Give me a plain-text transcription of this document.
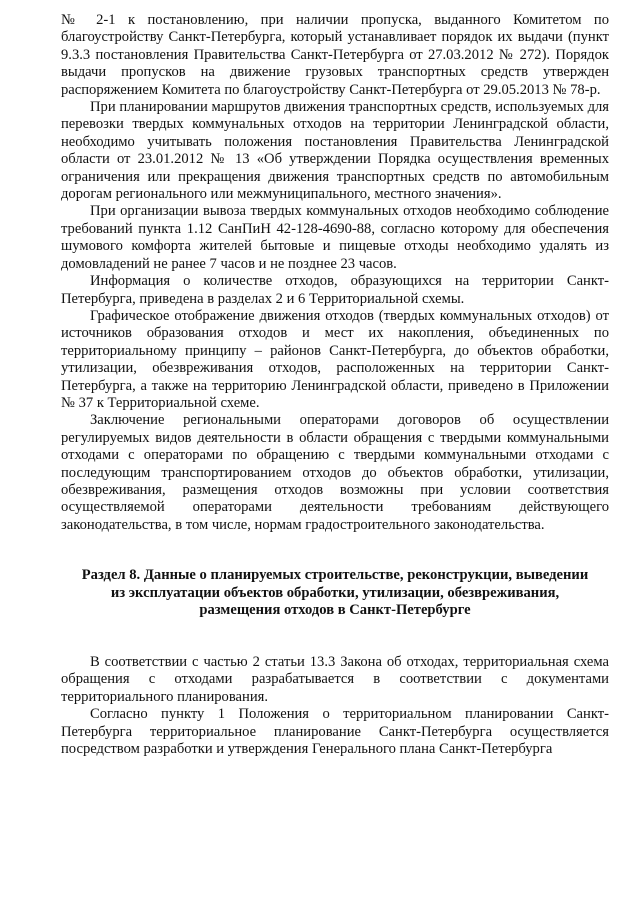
№ 2-1 к постановлению, при наличии пропуска, выданного Комитетом по благоустройству Санкт-Петербурга, который устанавливает порядок их выдачи (пункт 9.3.3 постановления Правительства Санкт-Петербурга от 27.03.2012 № 272). Порядок выдачи пропусков на движение грузовых транспортных средств утвержден распоряжением Комитета по благоустройству Санкт-Петербурга от 29.05.2013 № 78-р.

При планировании маршрутов движения транспортных средств, используемых для перевозки твердых коммунальных отходов на территории Ленинградской области, необходимо учитывать положения постановления Правительства Ленинградской области от 23.01.2012 № 13 «Об утверждении Порядка осуществления временных ограничения или прекращения движения транспортных средств по автомобильным дорогам регионального или межмуниципального, местного значения».

При организации вывоза твердых коммунальных отходов необходимо соблюдение требований пункта 1.12 СанПиН 42-128-4690-88, согласно которому для обеспечения шумового комфорта жителей бытовые и пищевые отходы необходимо удалять из домовладений не ранее 7 часов и не позднее 23 часов.

Информация о количестве отходов, образующихся на территории Санкт-Петербурга, приведена в разделах 2 и 6 Территориальной схемы.

Графическое отображение движения отходов (твердых коммунальных отходов) от источников образования отходов и мест их накопления, объединенных по территориальному принципу – районов Санкт-Петербурга, до объектов обработки, утилизации, обезвреживания отходов, расположенных на территории Санкт-Петербурга, а также на территорию Ленинградской области, приведено в Приложении № 37 к Территориальной схеме.

Заключение региональными операторами договоров об осуществлении регулируемых видов деятельности в области обращения с твердыми коммунальными отходами с операторами по обращению с твердыми коммунальными отходами с последующим транспортированием отходов до объектов обработки, утилизации, обезвреживания, размещения отходов возможны при условии соответствия осуществляемой операторами деятельности требованиям действующего законодательства, в том числе, нормам градостроительного законодательства.

Раздел 8. Данные о планируемых строительстве, реконструкции, выведении
из эксплуатации объектов обработки, утилизации, обезвреживания,
размещения отходов в Санкт-Петербурге

В соответствии с частью 2 статьи 13.3 Закона об отходах, территориальная схема обращения с отходами разрабатывается в соответствии с документами территориального планирования.

Согласно пункту 1 Положения о территориальном планировании Санкт-Петербурга территориальное планирование Санкт-Петербурга осуществляется посредством разработки и утверждения Генерального плана Санкт-Петербурга
